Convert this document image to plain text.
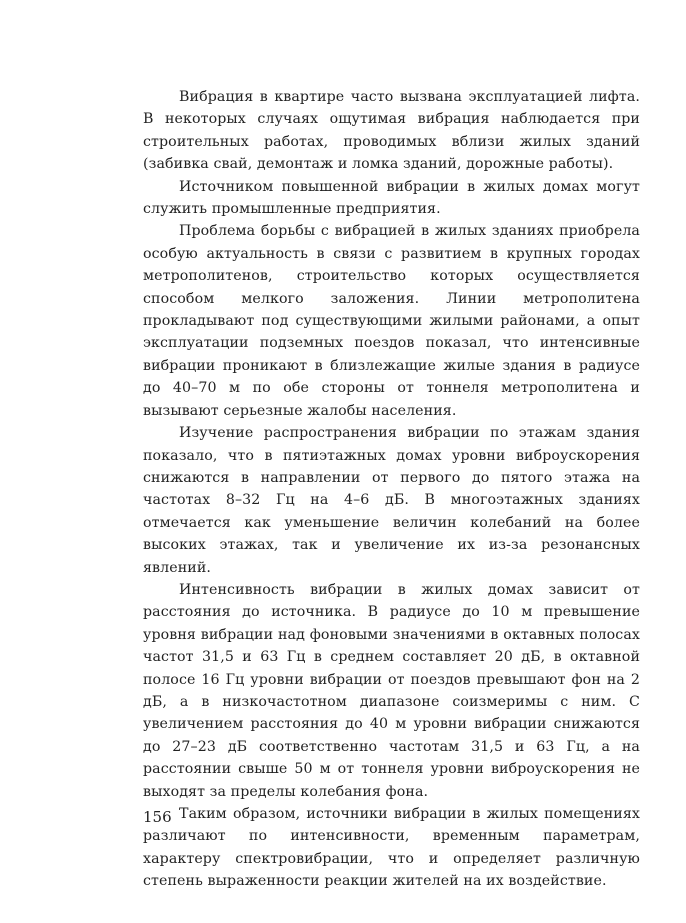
Вибрация в квартире часто вызвана эксплуатацией лифта. В некоторых случаях ощутимая вибрация наблюдается при строительных работах, проводимых вблизи жилых зданий (забивка свай, демонтаж и ломка зданий, дорожные работы).

Источником повышенной вибрации в жилых домах могут служить промышленные предприятия.

Проблема борьбы с вибрацией в жилых зданиях приобрела особую актуальность в связи с развитием в крупных городах метрополитенов, строительство которых осуществляется способом мелкого заложения. Линии метрополитена прокладывают под существующими жилыми районами, а опыт эксплуатации подземных поездов показал, что интенсивные вибрации проникают в близлежащие жилые здания в радиусе до 40–70 м по обе стороны от тоннеля метрополитена и вызывают серьезные жалобы населения.

Изучение распространения вибрации по этажам здания показало, что в пятиэтажных домах уровни виброускорения снижаются в направлении от первого до пятого этажа на частотах 8–32 Гц на 4–6 дБ. В многоэтажных зданиях отмечается как уменьшение величин колебаний на более высоких этажах, так и увеличение их из-за резонансных явлений.

Интенсивность вибрации в жилых домах зависит от расстояния до источника. В радиусе до 10 м превышение уровня вибрации над фоновыми значениями в октавных полосах частот 31,5 и 63 Гц в среднем составляет 20 дБ, в октавной полосе 16 Гц уровни вибрации от поездов превышают фон на 2 дБ, а в низкочастотном диапазоне соизмеримы с ним. С увеличением расстояния до 40 м уровни вибрации снижаются до 27–23 дБ соответственно частотам 31,5 и 63 Гц, а на расстоянии свыше 50 м от тоннеля уровни виброускорения не выходят за пределы колебания фона.

Таким образом, источники вибрации в жилых помещениях различают по интенсивности, временным параметрам, характеру спектровибрации, что и определяет различную степень выраженности реакции жителей на их воздействие.

156
